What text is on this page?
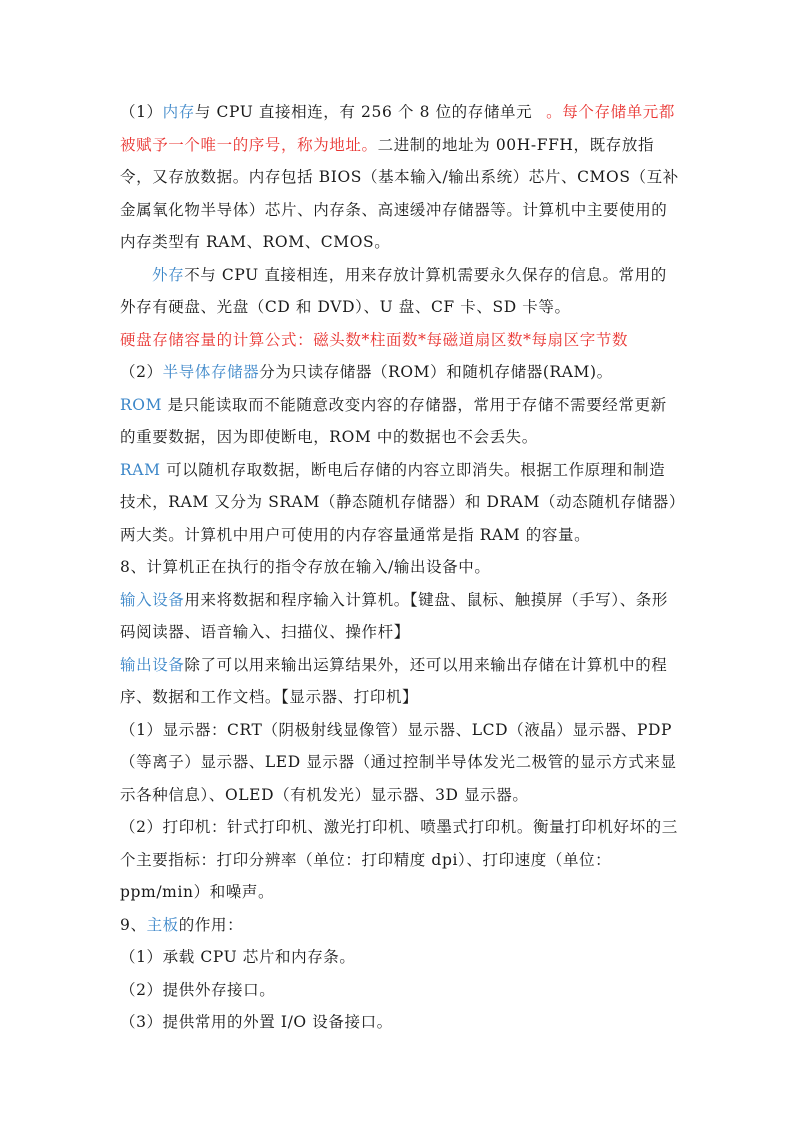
（1）内存与 CPU 直接相连，有 256 个 8 位的存储单元 。每个存储单元都被赋予一个唯一的序号，称为地址。二进制的地址为 00H-FFH，既存放指令，又存放数据。内存包括 BIOS（基本输入/输出系统）芯片、CMOS（互补金属氧化物半导体）芯片、内存条、高速缓冲存储器等。计算机中主要使用的内存类型有 RAM、ROM、CMOS。

外存不与 CPU 直接相连，用来存放计算机需要永久保存的信息。常用的外存有硬盘、光盘（CD 和 DVD）、U 盘、CF 卡、SD 卡等。

硬盘存储容量的计算公式：磁头数*柱面数*每磁道扇区数*每扇区字节数

（2）半导体存储器分为只读存储器（ROM）和随机存储器(RAM)。

ROM 是只能读取而不能随意改变内容的存储器，常用于存储不需要经常更新的重要数据，因为即使断电，ROM 中的数据也不会丢失。

RAM 可以随机存取数据，断电后存储的内容立即消失。根据工作原理和制造技术，RAM 又分为 SRAM（静态随机存储器）和 DRAM（动态随机存储器）两大类。计算机中用户可使用的内存容量通常是指 RAM 的容量。

8、计算机正在执行的指令存放在输入/输出设备中。

输入设备用来将数据和程序输入计算机。【键盘、鼠标、触摸屏（手写）、条形码阅读器、语音输入、扫描仪、操作杆】

输出设备除了可以用来输出运算结果外，还可以用来输出存储在计算机中的程序、数据和工作文档。【显示器、打印机】

（1）显示器：CRT（阴极射线显像管）显示器、LCD（液晶）显示器、PDP（等离子）显示器、LED 显示器（通过控制半导体发光二极管的显示方式来显示各种信息）、OLED（有机发光）显示器、3D 显示器。

（2）打印机：针式打印机、激光打印机、喷墨式打印机。衡量打印机好坏的三个主要指标：打印分辨率（单位：打印精度 dpi）、打印速度（单位：
ppm/min）和噪声。

9、主板的作用：

（1）承载 CPU 芯片和内存条。

（2）提供外存接口。

（3）提供常用的外置 I/O 设备接口。
